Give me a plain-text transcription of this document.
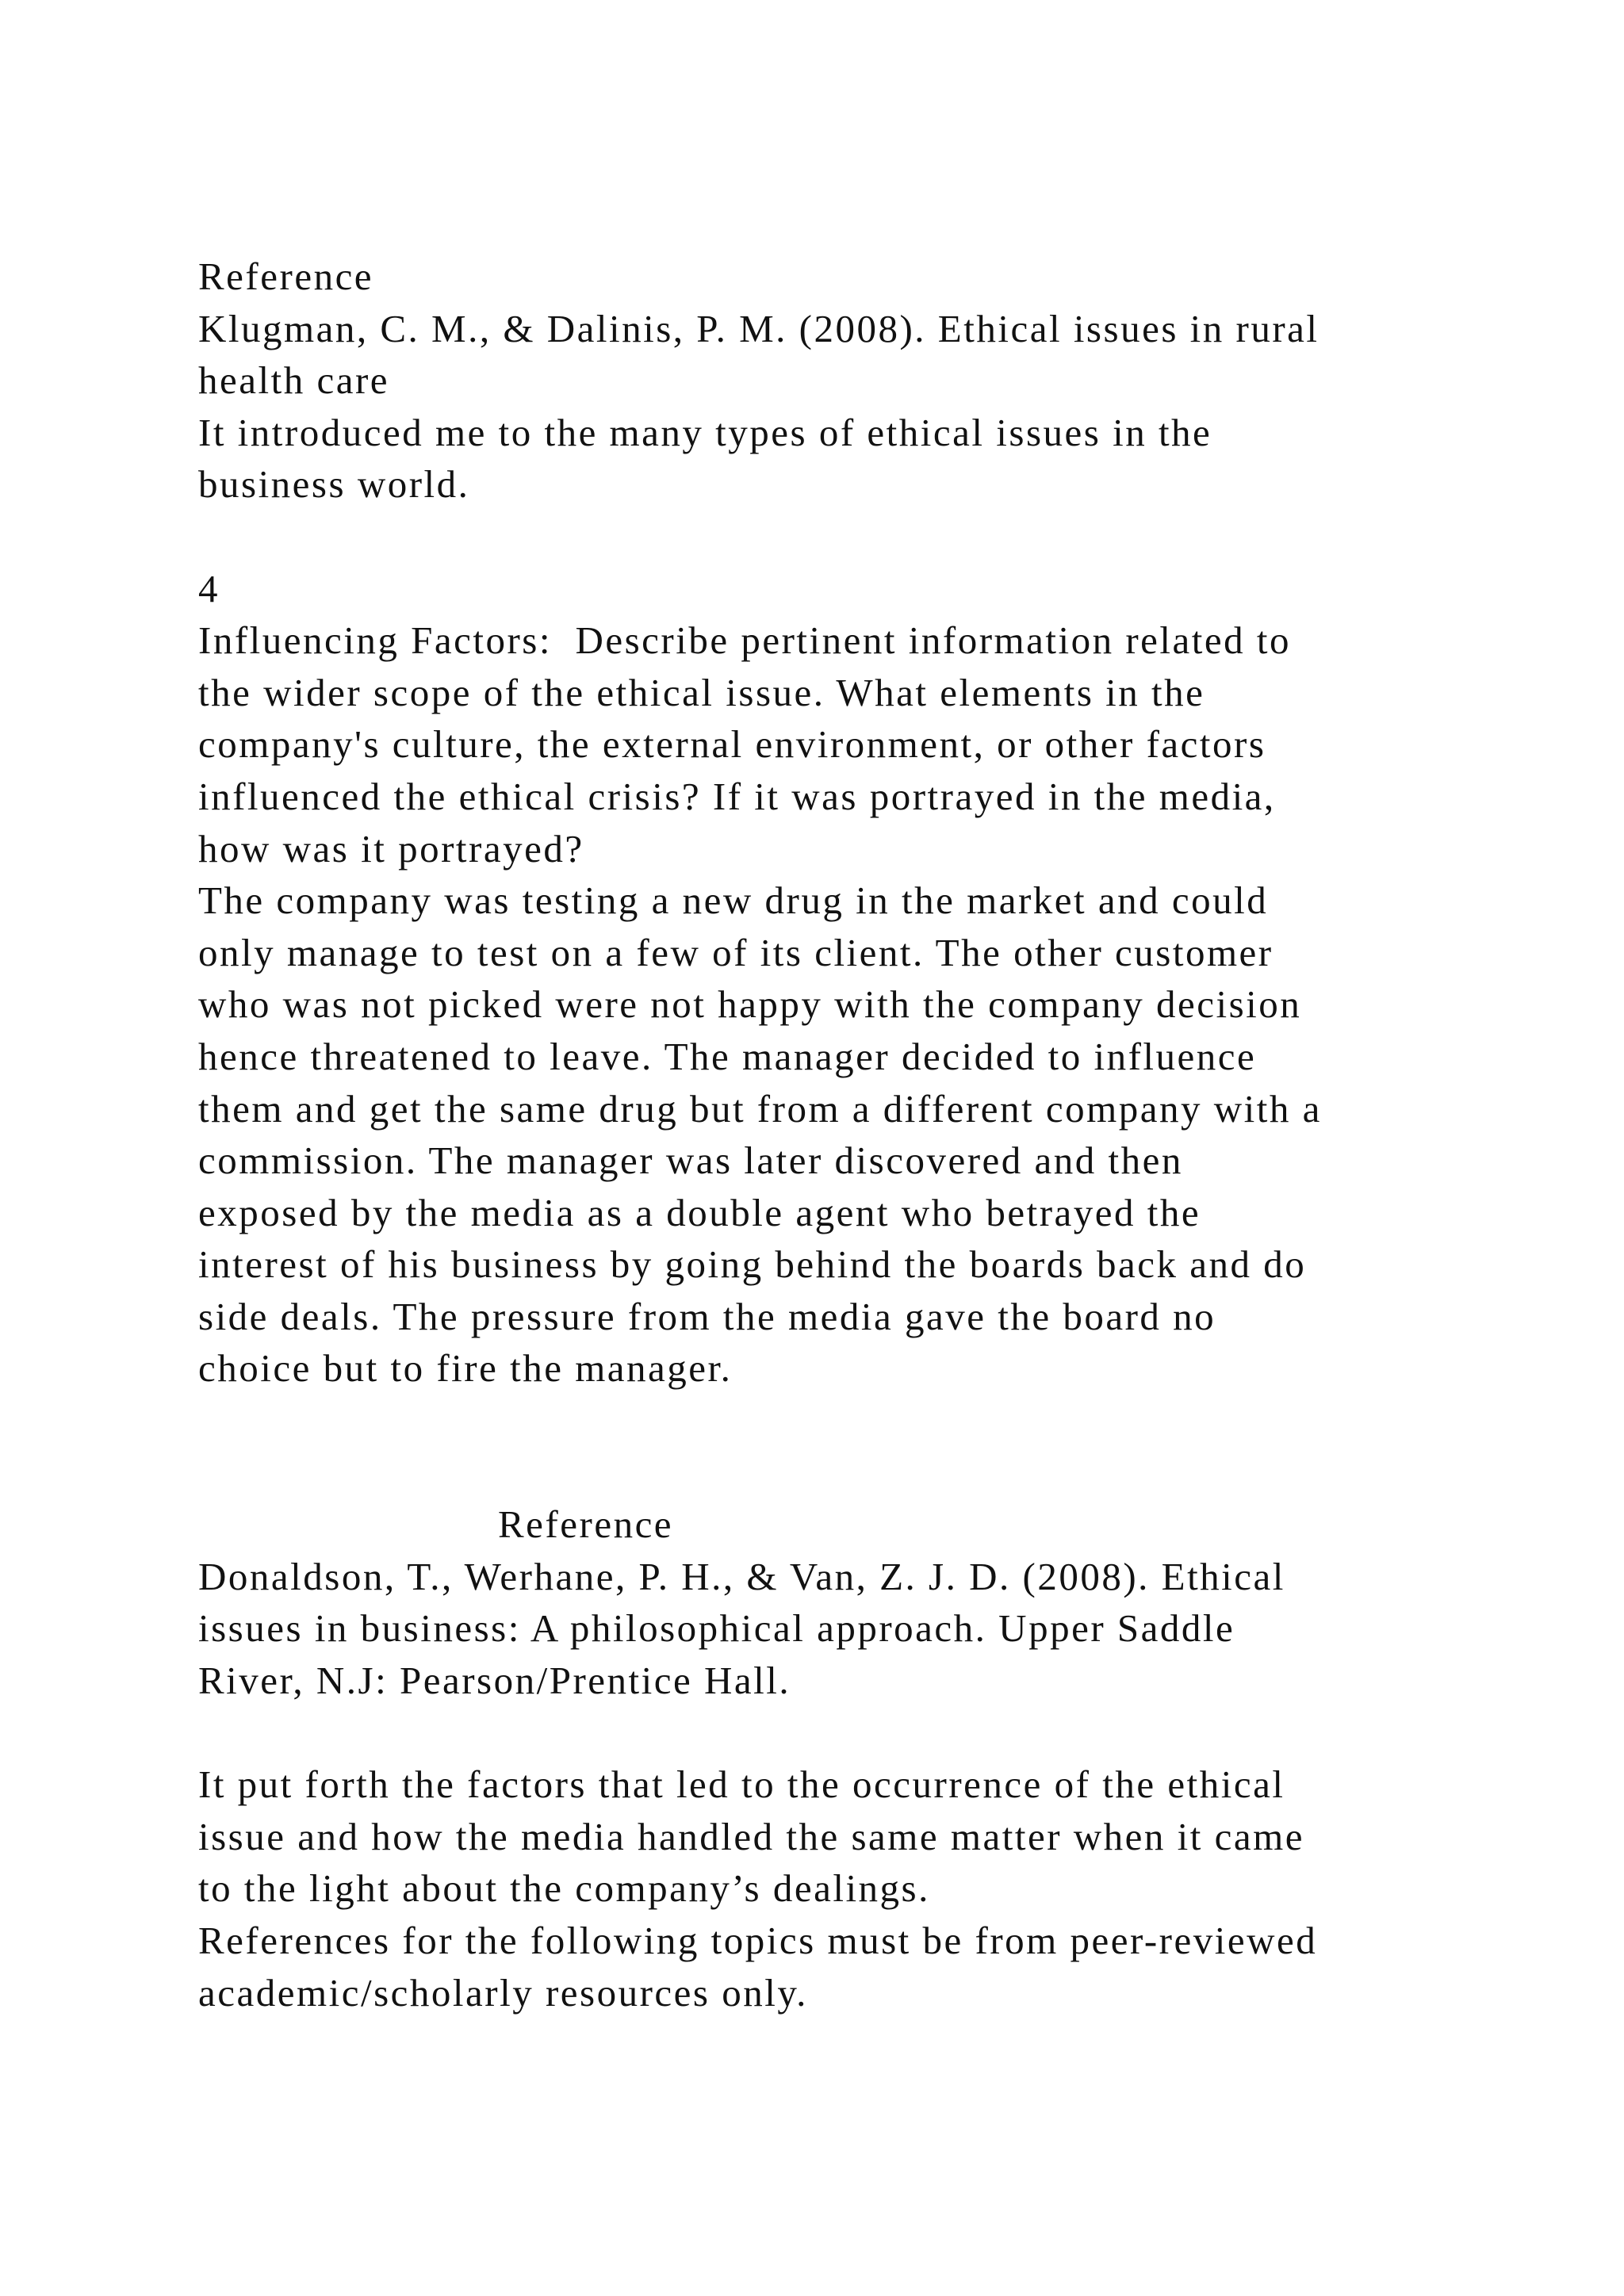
Reference
Klugman, C. M., & Dalinis, P. M. (2008). Ethical issues in rural
health care
It introduced me to the many types of ethical issues in the
business world.
4
Influencing Factors:  Describe pertinent information related to
the wider scope of the ethical issue. What elements in the
company's culture, the external environment, or other factors
influenced the ethical crisis? If it was portrayed in the media,
how was it portrayed?
The company was testing a new drug in the market and could
only manage to test on a few of its client. The other customer
who was not picked were not happy with the company decision
hence threatened to leave. The manager decided to influence
them and get the same drug but from a different company with a
commission. The manager was later discovered and then
exposed by the media as a double agent who betrayed the
interest of his business by going behind the boards back and do
side deals. The pressure from the media gave the board no
choice but to fire the manager.
Reference
Donaldson, T., Werhane, P. H., & Van, Z. J. D. (2008). Ethical
issues in business: A philosophical approach. Upper Saddle
River, N.J: Pearson/Prentice Hall.
It put forth the factors that led to the occurrence of the ethical
issue and how the media handled the same matter when it came
to the light about the company’s dealings.
References for the following topics must be from peer-reviewed
academic/scholarly resources only.
